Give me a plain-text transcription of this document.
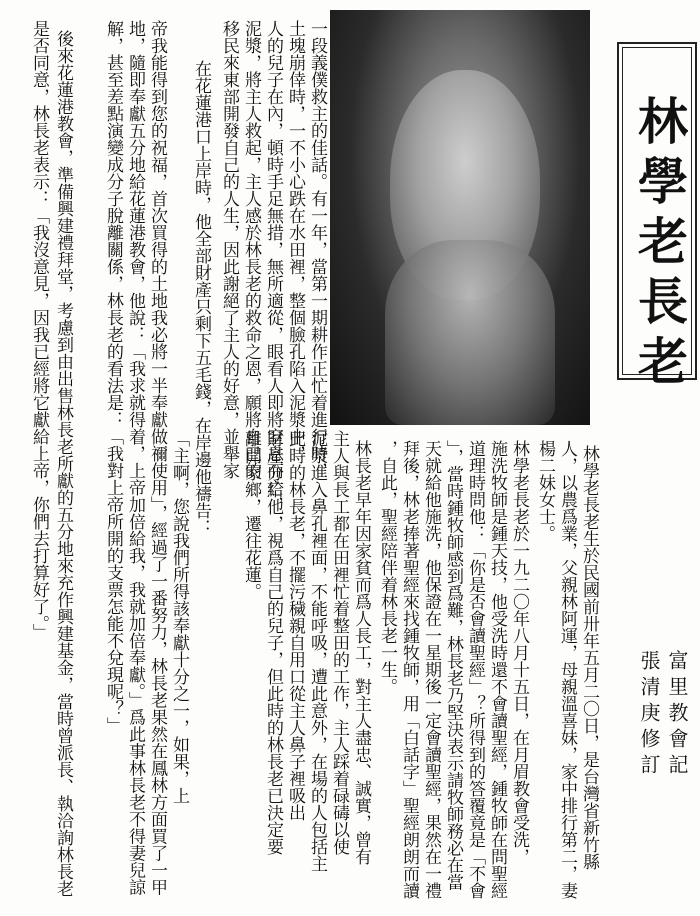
林學老長老
富里教會記
張清庚修訂
林學老長老生於民國前卅年五月二〇日，是台灣省新竹縣
人，以農爲業，父親林阿運，母親溫喜妹，家中排行第二，妻
楊二妹女士。
林學老長老於一九二〇年八月十五日，在月眉教會受洗，
施洗牧師是鍾天技，他受洗時還不會讀聖經，鍾牧師在問聖經
道理時問他：「你是否會讀聖經」？所得到的答覆竟是「不會
」，當時鍾牧師感到爲難，林長老乃堅決表示請牧師務必在當
天就給他施洗，他保證在一星期後一定會讀聖經，果然在一禮
拜後，林老捧著聖經來找鍾牧師，用「白話字」聖經朗朗而讀
，自此，聖經陪伴着林長老一生。
林長老早年因家貧而爲人長工，對主人盡忠、誠實，曾有
主人與長工都在田裡忙着整田的工作，主人踩着碌碡以使
泥漿進入鼻孔裡面，不能呼吸，遭此意外，在場的人包括主
此時的林長老，不擺污穢親自用口從主人鼻子裡吸出
財產分給他，視爲自己的兒子，但此時的林長老已決定要
離開家鄉，遷往花蓮。
「主啊，您說我們所得該奉獻十分之一，如果，上
一段義僕救主的佳話。有一年，當第一期耕作正忙着進行時，
土塊崩倖時，一不小心跌在水田裡，整個臉孔陷入泥漿中，
人的兒子在內，頓時手足無措，無所適從，眼看人即將窒息而亡，
泥漿，將主人救起，主人感於林長老的救命之恩，願將自己的
移民來東部開發自己的人生，因此謝絕了主人的好意，並舉家
在花蓮港口上岸時，他全部財產只剩下五毛錢，在岸邊他禱告：
帝我能得到您的祝福，首次買得的土地我必將一半奉獻做禰使用」，經過了一番努力，林長老果然在鳳林方面買了一甲
地，隨即奉獻五分地給花蓮港教會，他說：「我求就得着，上帝加倍給我，我就加倍奉獻。」爲此事林長老不得妻兒諒
解，甚至差點演變成分子脫離關係，林長老的看法是：「我對上帝所開的支票怎能不兌現呢？」
後來花蓮港教會，準備興建禮拜堂，考慮到由出售林長老所獻的五分地來充作興建基金，當時曾派長、執洽詢林長老
是否同意，林長老表示：「我沒意見，因我已經將它獻給上帝，你們去打算好了。」
